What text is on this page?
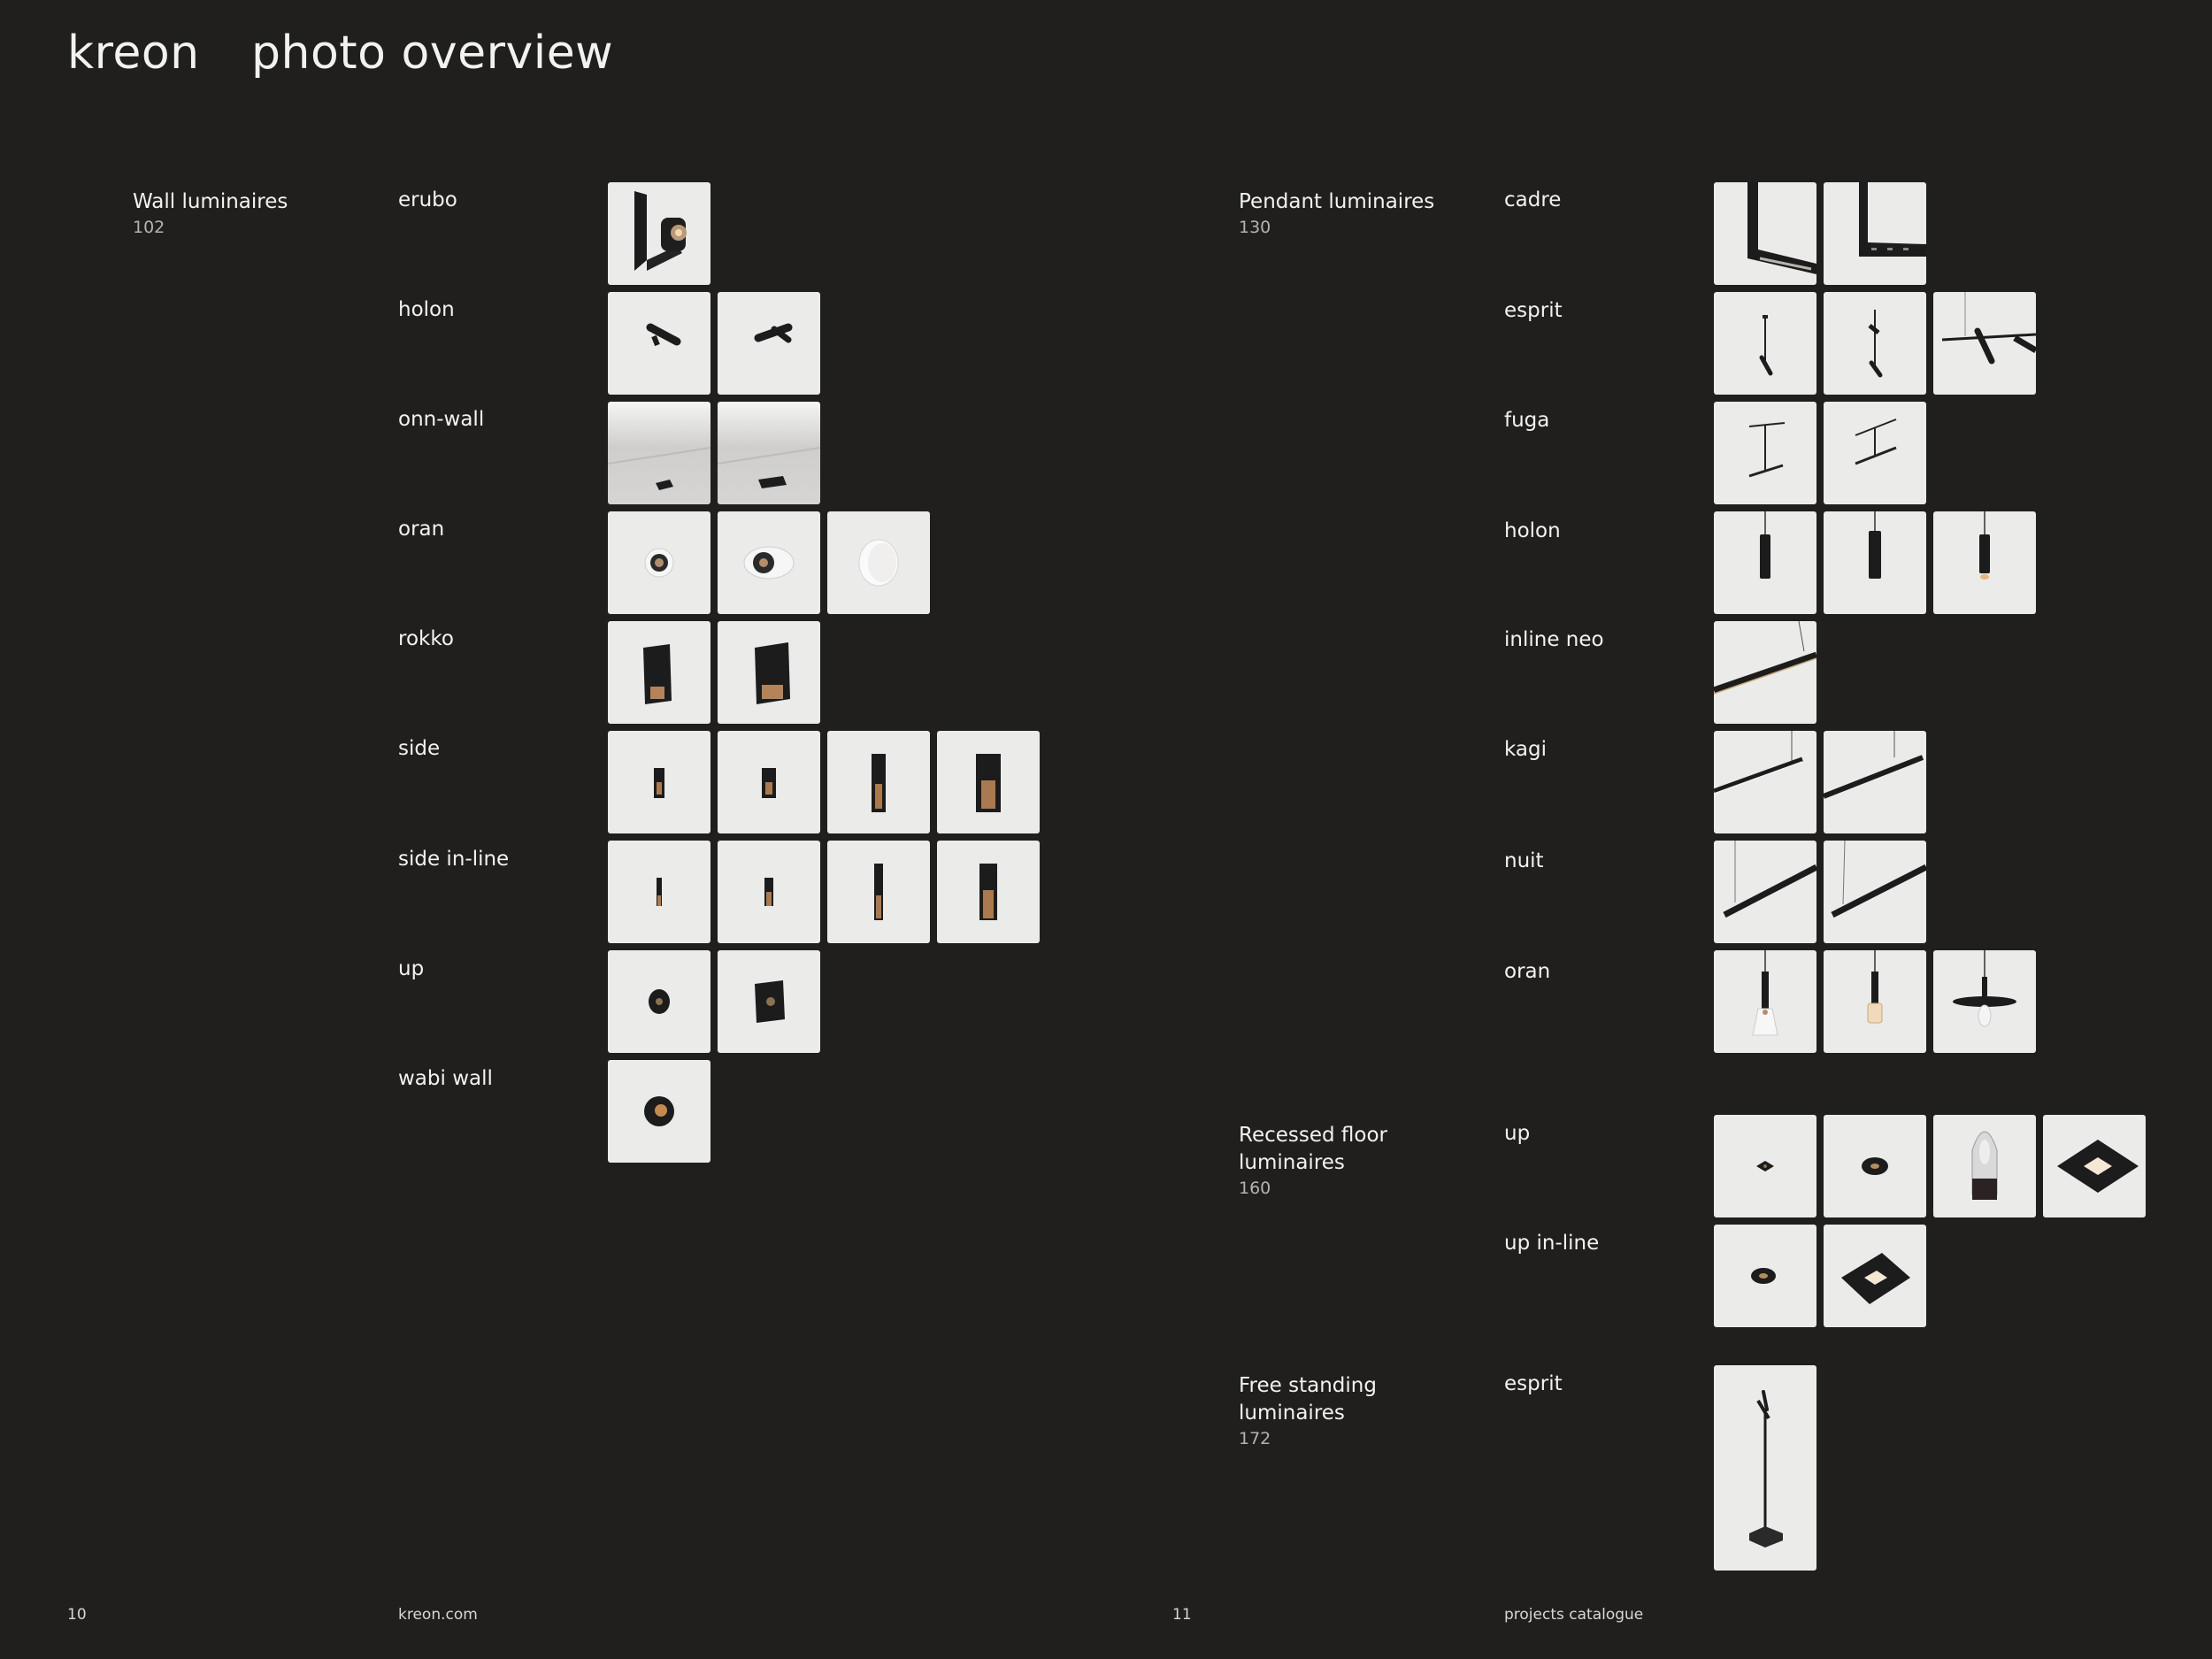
kreon photo overview
Wall luminaires
102
erubo
holon
onn-wall
oran
rokko
side
side in-line
up
wabi wall
Pendant luminaires
130
Recessed floor
luminaires
160
Free standing
luminaires
172
cadre
esprit
fuga
holon
inline neo
kagi
nuit
oran
up
up in-line
esprit
10	kreon.com	11	projects catalogue
